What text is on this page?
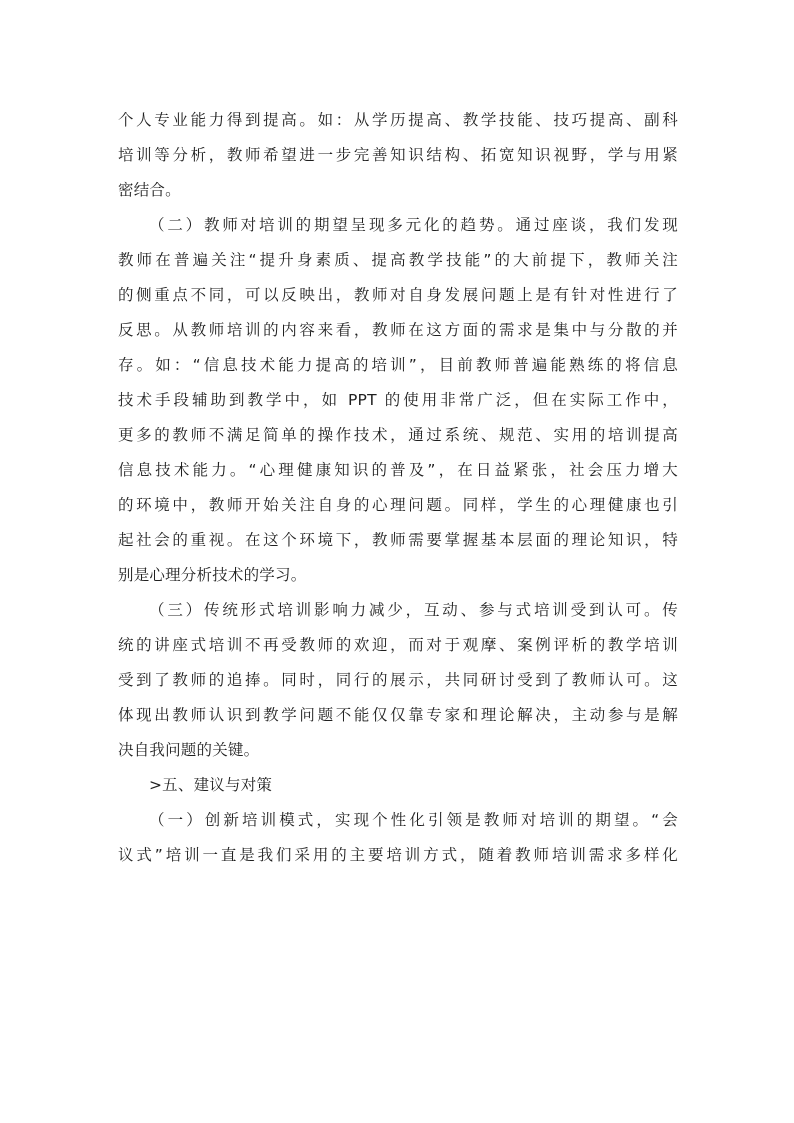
个人专业能力得到提高。如：从学历提高、教学技能、技巧提高、副科
培训等分析，教师希望进一步完善知识结构、拓宽知识视野，学与用紧
密结合。
（二）教师对培训的期望呈现多元化的趋势。通过座谈，我们发现
教师在普遍关注“提升身素质、提高教学技能”的大前提下，教师关注
的侧重点不同，可以反映出，教师对自身发展问题上是有针对性进行了
反思。从教师培训的内容来看，教师在这方面的需求是集中与分散的并
存。如：“信息技术能力提高的培训”，目前教师普遍能熟练的将信息
技术手段辅助到教学中，如 PPT 的使用非常广泛，但在实际工作中，
更多的教师不满足简单的操作技术，通过系统、规范、实用的培训提高
信息技术能力。“心理健康知识的普及”，在日益紧张，社会压力增大
的环境中，教师开始关注自身的心理问题。同样，学生的心理健康也引
起社会的重视。在这个环境下，教师需要掌握基本层面的理论知识，特
别是心理分析技术的学习。
（三）传统形式培训影响力减少，互动、参与式培训受到认可。传
统的讲座式培训不再受教师的欢迎，而对于观摩、案例评析的教学培训
受到了教师的追捧。同时，同行的展示，共同研讨受到了教师认可。这
体现出教师认识到教学问题不能仅仅靠专家和理论解决，主动参与是解
决自我问题的关键。
>五、建议与对策
（一）创新培训模式，实现个性化引领是教师对培训的期望。“会
议式”培训一直是我们采用的主要培训方式，随着教师培训需求多样化
